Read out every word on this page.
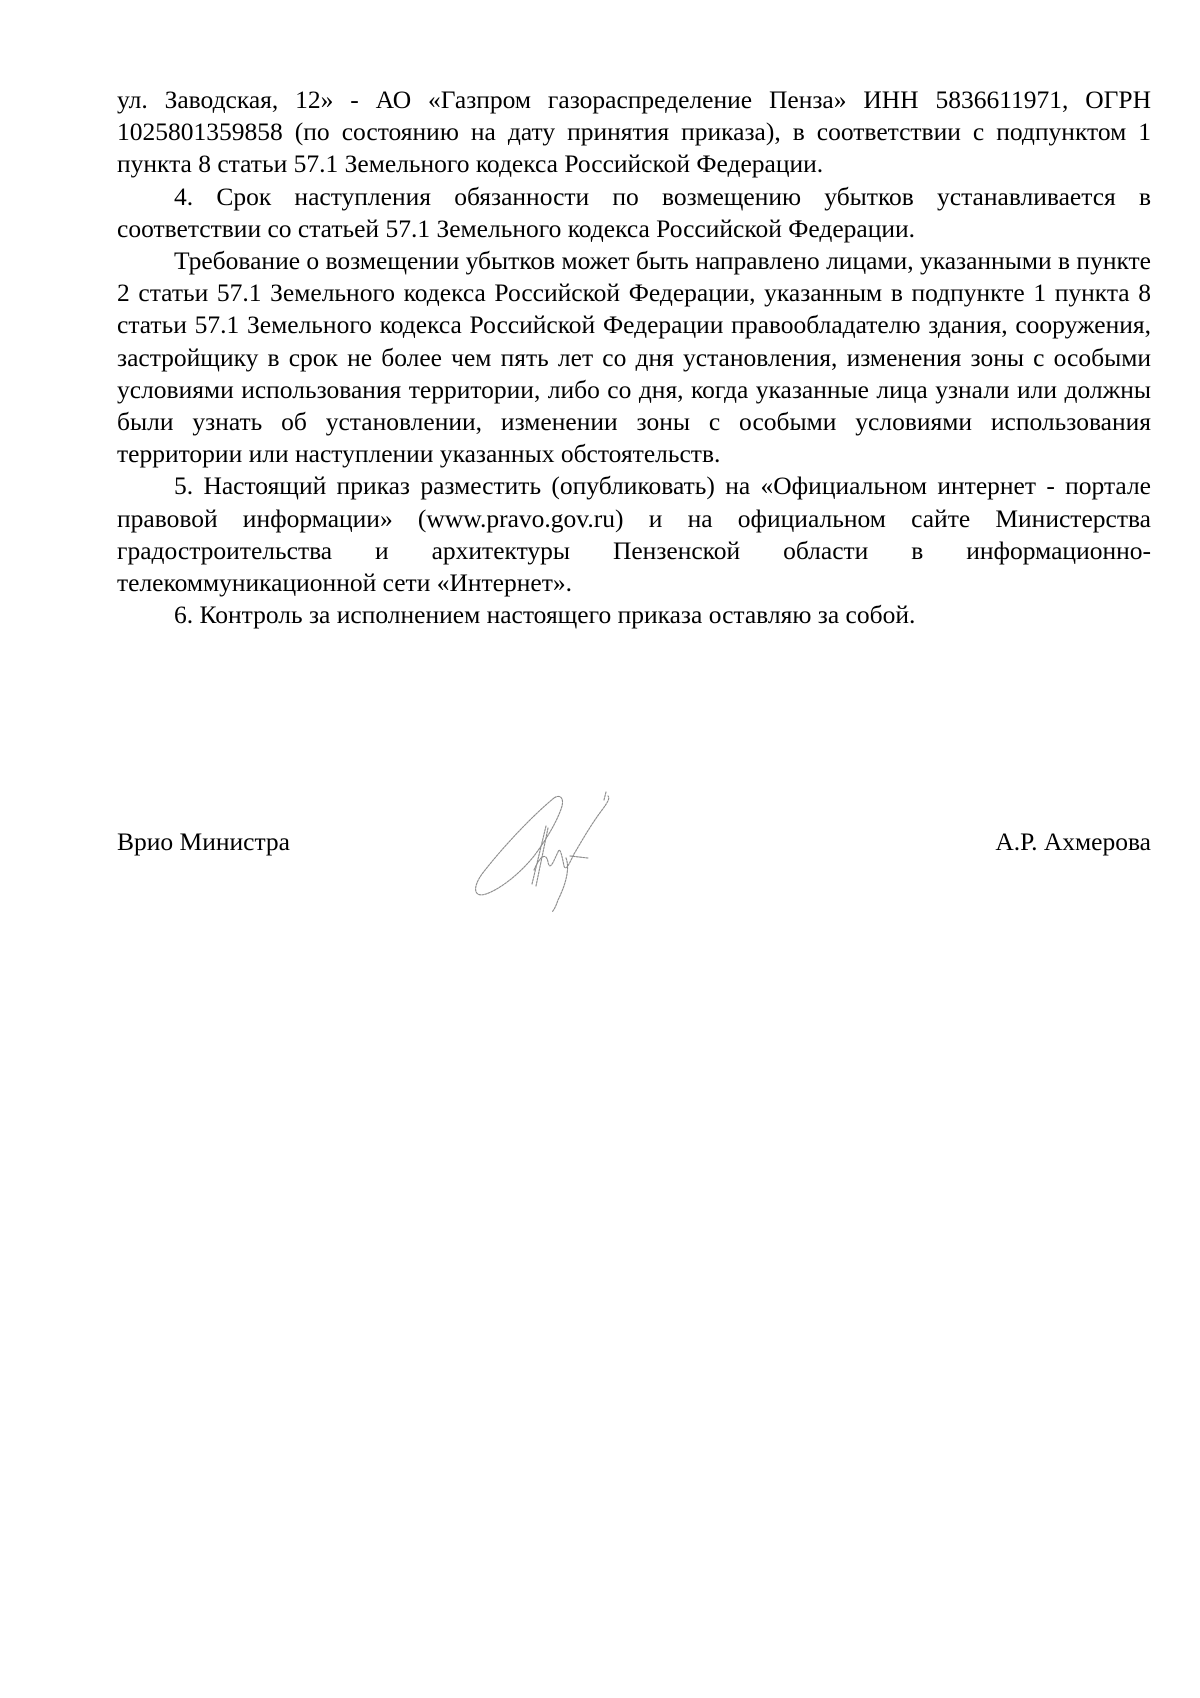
ул. Заводская, 12» - АО «Газпром газораспределение Пенза» ИНН 5836611971, ОГРН 1025801359858 (по состоянию на дату принятия приказа), в соответствии с подпунктом 1 пункта 8 статьи 57.1 Земельного кодекса Российской Федерации.

4. Срок наступления обязанности по возмещению убытков устанавливается в соответствии со статьей 57.1 Земельного кодекса Российской Федерации.

Требование о возмещении убытков может быть направлено лицами, указанными в пункте 2 статьи 57.1 Земельного кодекса Российской Федерации, указанным в подпункте 1 пункта 8 статьи 57.1 Земельного кодекса Российской Федерации правообладателю здания, сооружения, застройщику в срок не более чем пять лет со дня установления, изменения зоны с особыми условиями использования территории, либо со дня, когда указанные лица узнали или должны были узнать об установлении, изменении зоны с особыми условиями использования территории или наступлении указанных обстоятельств.

5. Настоящий приказ разместить (опубликовать) на «Официальном интернет - портале правовой информации» (www.pravo.gov.ru) и на официальном сайте Министерства градостроительства и архитектуры Пензенской области в информационно-телекоммуникационной сети «Интернет».

6. Контроль за исполнением настоящего приказа оставляю за собой.

Врио Министра	А.Р. Ахмерова
